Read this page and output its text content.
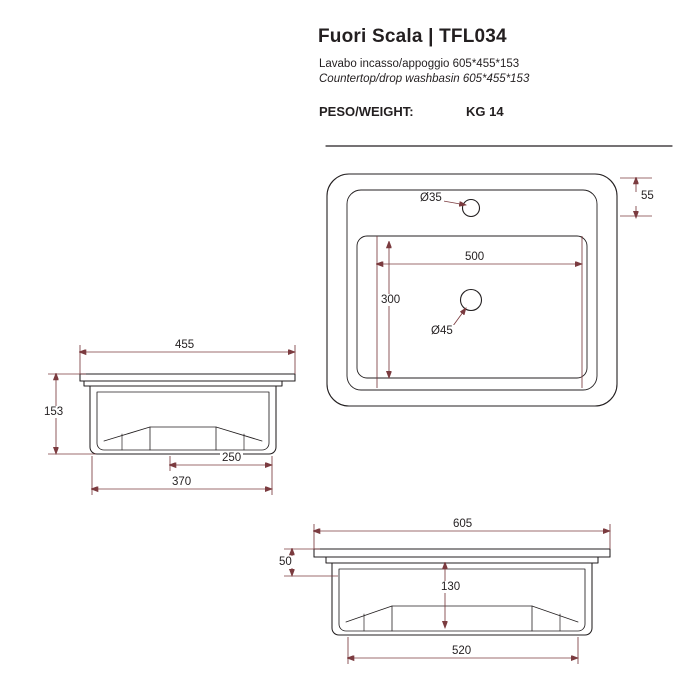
Fuori Scala | TFL034
Lavabo incasso/appoggio 605*455*153
Countertop/drop washbasin 605*455*153
PESO/WEIGHT:	KG 14
Ø35
Ø45
500
300
55
455
153
250
370
605
50
130
520
